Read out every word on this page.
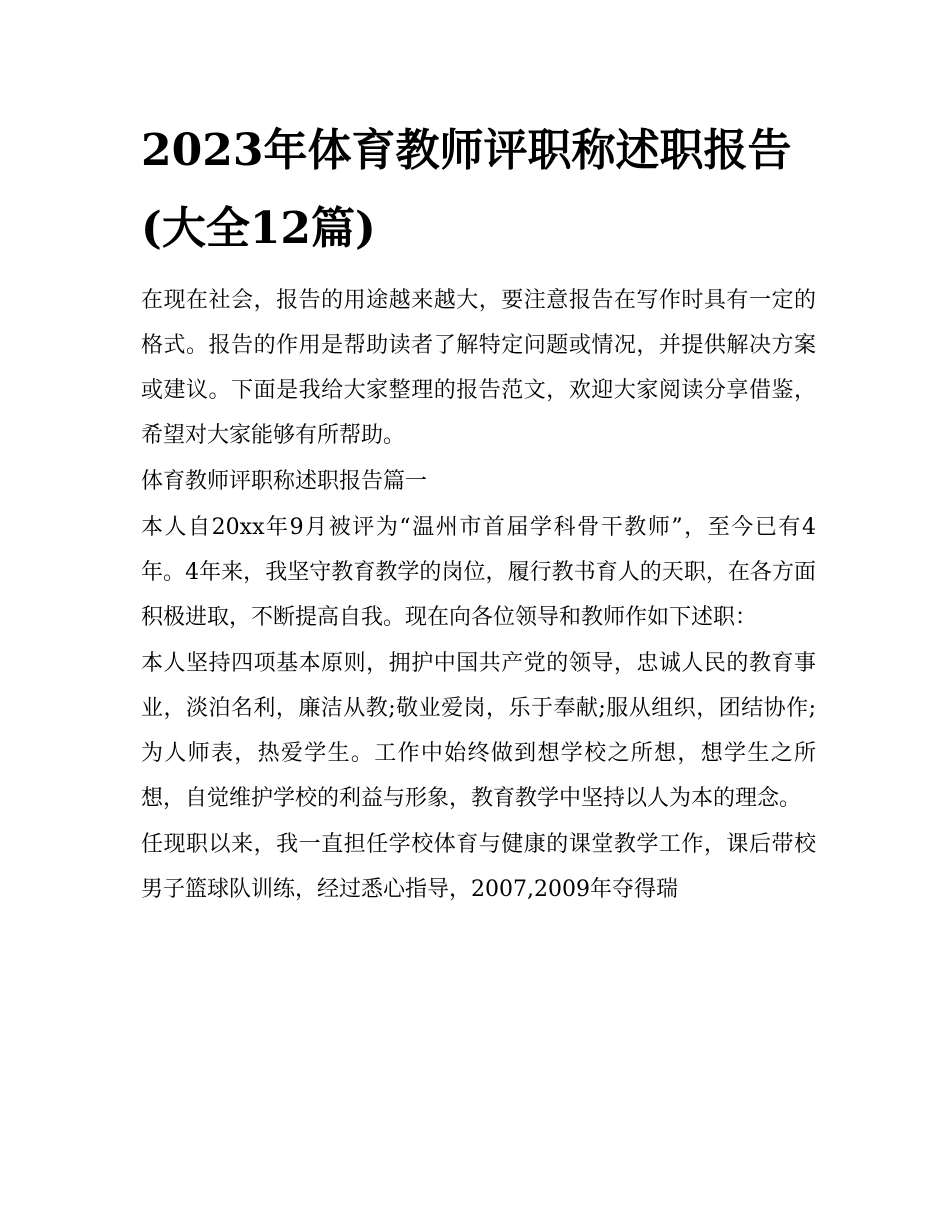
2023年体育教师评职称述职报告(大全12篇)

在现在社会，报告的用途越来越大，要注意报告在写作时具有一定的格式。报告的作用是帮助读者了解特定问题或情况，并提供解决方案或建议。下面是我给大家整理的报告范文，欢迎大家阅读分享借鉴，希望对大家能够有所帮助。

体育教师评职称述职报告篇一

本人自20xx年9月被评为“温州市首届学科骨干教师”，至今已有4年。4年来，我坚守教育教学的岗位，履行教书育人的天职，在各方面积极进取，不断提高自我。现在向各位领导和教师作如下述职：

本人坚持四项基本原则，拥护中国共产党的领导，忠诚人民的教育事业，淡泊名利，廉洁从教;敬业爱岗，乐于奉献;服从组织，团结协作;为人师表，热爱学生。工作中始终做到想学校之所想，想学生之所想，自觉维护学校的利益与形象，教育教学中坚持以人为本的理念。

任现职以来，我一直担任学校体育与健康的课堂教学工作，课后带校男子篮球队训练，经过悉心指导，2007,2009年夺得瑞
